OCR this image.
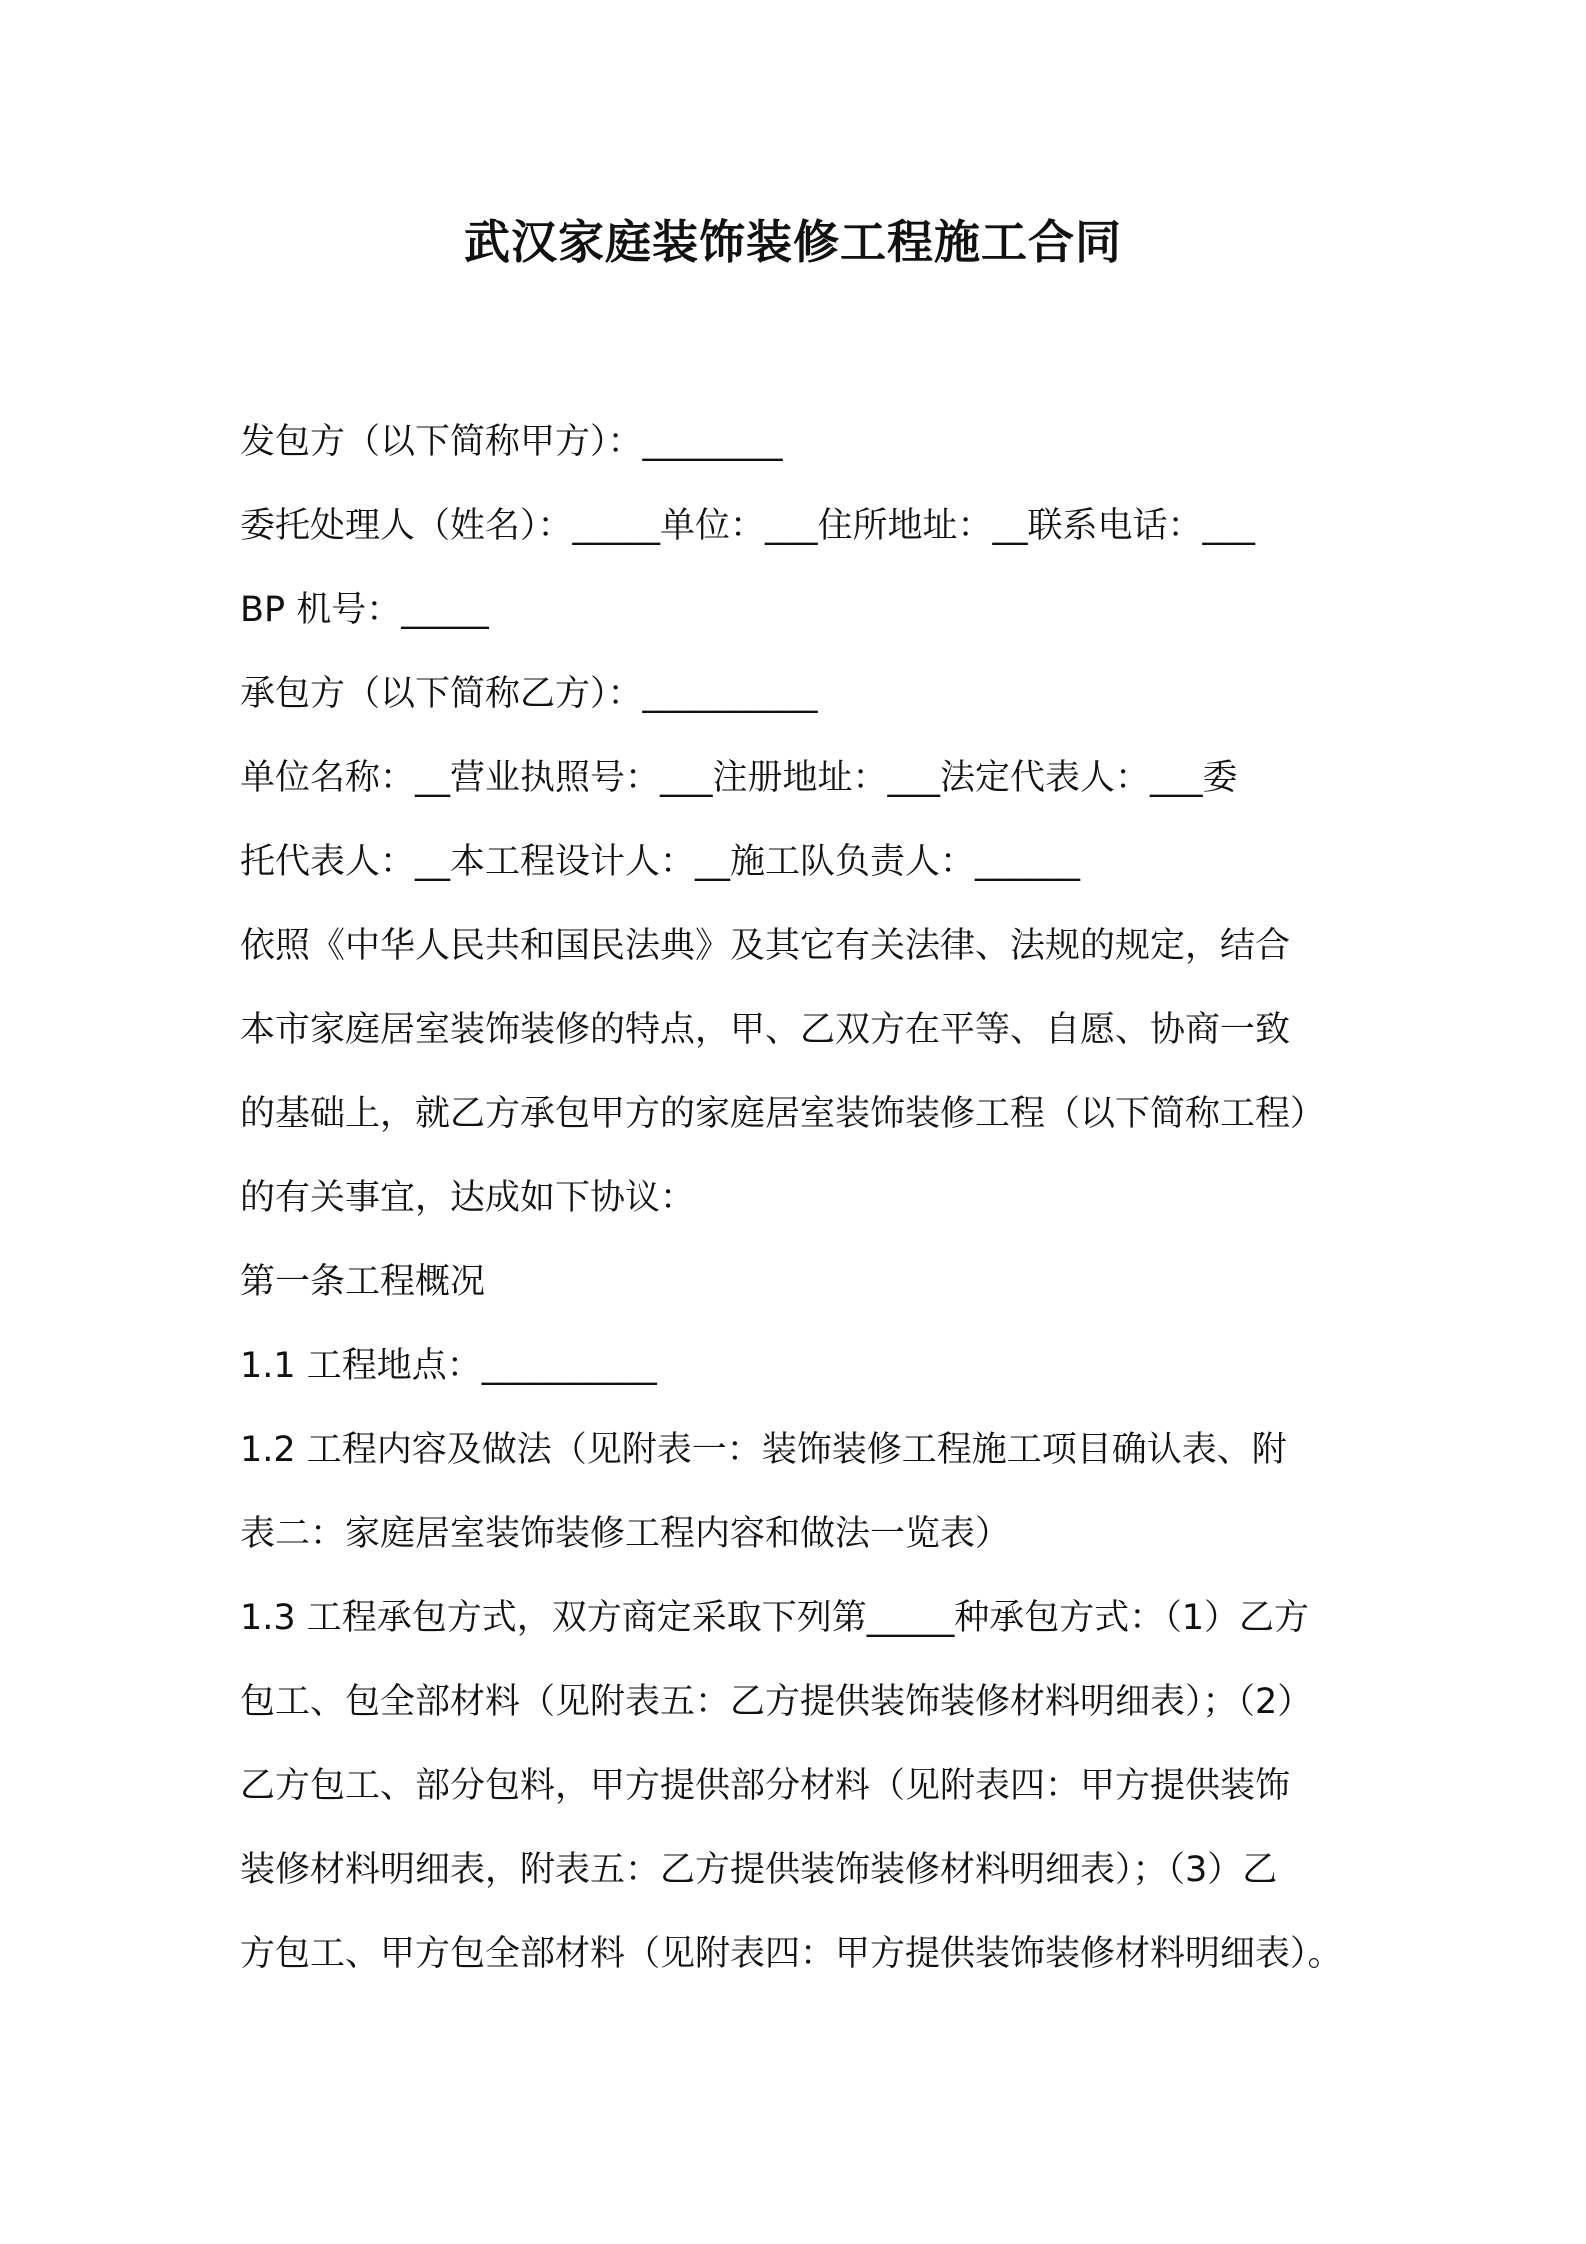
武汉家庭装饰装修工程施工合同
发包方（以下简称甲方）：________
委托处理人（姓名）：_____单位：___住所地址：__联系电话：___
BP 机号：_____
承包方（以下简称乙方）：__________
单位名称：__营业执照号：___注册地址：___法定代表人：___委
托代表人：__本工程设计人：__施工队负责人：______
依照《中华人民共和国民法典》及其它有关法律、法规的规定，结合
本市家庭居室装饰装修的特点，甲、乙双方在平等、自愿、协商一致
的基础上，就乙方承包甲方的家庭居室装饰装修工程（以下简称工程）
的有关事宜，达成如下协议：
第一条工程概况
1.1 工程地点：__________
1.2 工程内容及做法（见附表一：装饰装修工程施工项目确认表、附
表二：家庭居室装饰装修工程内容和做法一览表）
1.3 工程承包方式，双方商定采取下列第_____种承包方式：（1）乙方
包工、包全部材料（见附表五：乙方提供装饰装修材料明细表）；（2）
乙方包工、部分包料，甲方提供部分材料（见附表四：甲方提供装饰
装修材料明细表，附表五：乙方提供装饰装修材料明细表）；（3）乙
方包工、甲方包全部材料（见附表四：甲方提供装饰装修材料明细表）。
